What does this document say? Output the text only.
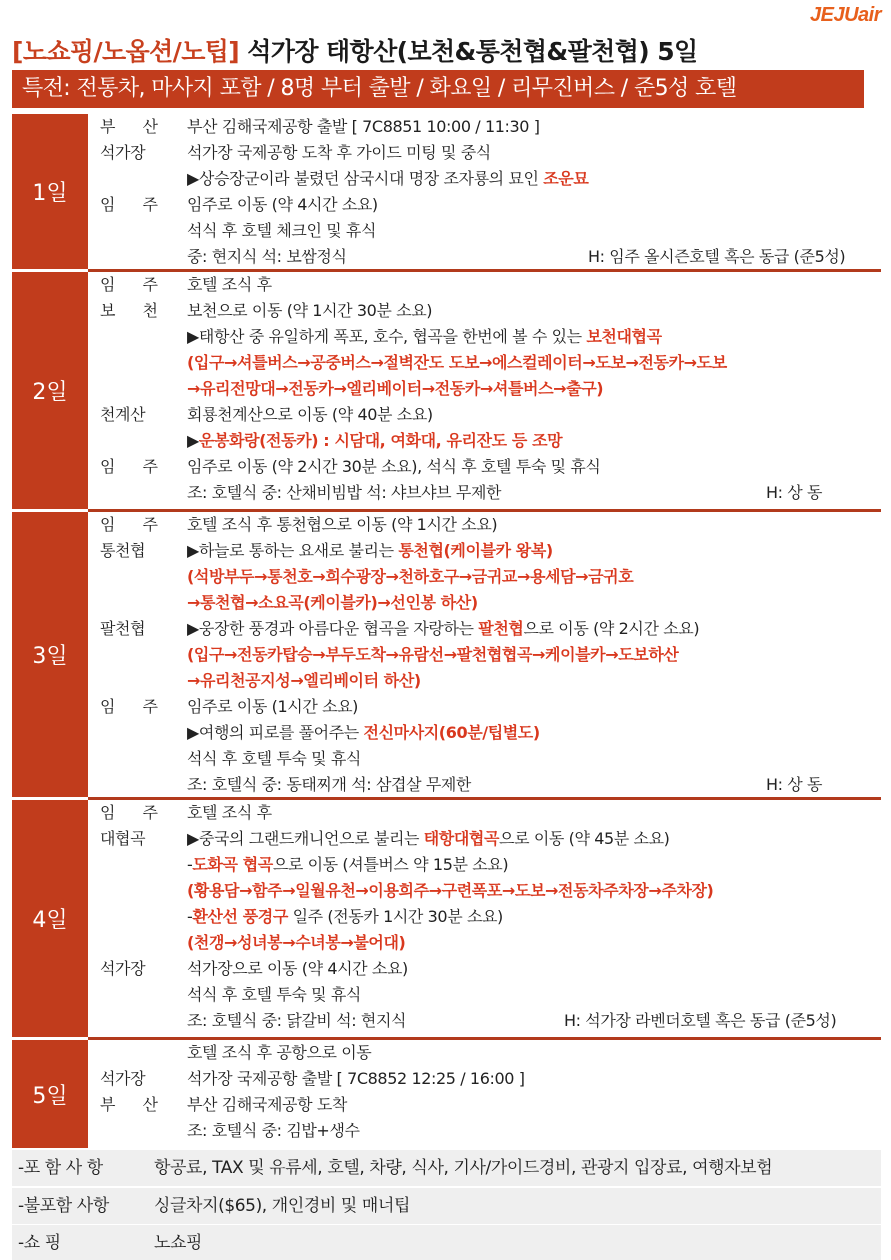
JEJUair
[노쇼핑/노옵션/노팁] 석가장 태항산(보천&통천협&팔천협) 5일
특전: 전통차, 마사지 포함 / 8명 부터 출발 / 화요일 / 리무진버스 / 준5성 호텔
1일
부 산	부산 김해국제공항 출발 [ 7C8851 10:00 / 11:30 ]
석가장	석가장 국제공항 도착 후 가이드 미팅 및 중식
▶상승장군이라 불렸던 삼국시대 명장 조자룡의 묘인 조운묘
임 주	임주로 이동 (약 4시간 소요)
석식 후 호텔 체크인 및 휴식
중: 현지식 석: 보쌈정식	H: 임주 올시즌호텔 혹은 동급 (준5성)
2일
임 주	호텔 조식 후
보 천	보천으로 이동 (약 1시간 30분 소요)
▶태항산 중 유일하게 폭포, 호수, 협곡을 한번에 볼 수 있는 보천대협곡
(입구→셔틀버스→공중버스→절벽잔도 도보→에스컬레이터→도보→전동카→도보
→유리전망대→전동카→엘리베이터→전동카→셔틀버스→출구)
천계산	회룡천계산으로 이동 (약 40분 소요)
▶운봉화랑(전동카) : 시담대, 여화대, 유리잔도 등 조망
임 주	임주로 이동 (약 2시간 30분 소요), 석식 후 호텔 투숙 및 휴식
조: 호텔식 중: 산채비빔밥 석: 샤브샤브 무제한	H: 상 동
3일
임 주	호텔 조식 후 통천협으로 이동 (약 1시간 소요)
통천협	▶하늘로 통하는 요새로 불리는 통천협(케이블카 왕복)
(석방부두→통천호→희수광장→천하호구→금귀교→용세담→금귀호
→통천협→소요곡(케이블카)→선인봉 하산)
팔천협	▶웅장한 풍경과 아름다운 협곡을 자랑하는 팔천협으로 이동 (약 2시간 소요)
(입구→전동카탑승→부두도착→유람선→팔천협협곡→케이블카→도보하산
→유리천공지성→엘리베이터 하산)
임 주	임주로 이동 (1시간 소요)
▶여행의 피로를 풀어주는 전신마사지(60분/팁별도)
석식 후 호텔 투숙 및 휴식
조: 호텔식 중: 동태찌개 석: 삼겹살 무제한	H: 상 동
4일
임 주	호텔 조식 후
대협곡	▶중국의 그랜드캐니언으로 불리는 태항대협곡으로 이동 (약 45분 소요)
-도화곡 협곡으로 이동 (셔틀버스 약 15분 소요)
(황용담→함주→일월유천→이용희주→구련폭포→도보→전동차주차장→주차장)
-환산선 풍경구 일주 (전동카 1시간 30분 소요)
(천갱→성녀봉→수녀봉→불어대)
석가장	석가장으로 이동 (약 4시간 소요)
석식 후 호텔 투숙 및 휴식
조: 호텔식 중: 닭갈비 석: 현지식	H: 석가장 라벤더호텔 혹은 동급 (준5성)
5일
호텔 조식 후 공항으로 이동
석가장	석가장 국제공항 출발 [ 7C8852 12:25 / 16:00 ]
부 산	부산 김해국제공항 도착
조: 호텔식 중: 김밥+생수
-포 함 사 항	항공료, TAX 및 유류세, 호텔, 차량, 식사, 기사/가이드경비, 관광지 입장료, 여행자보험
-불포함 사항	싱글차지($65), 개인경비 및 매너팁
-쇼 핑	노쇼핑
